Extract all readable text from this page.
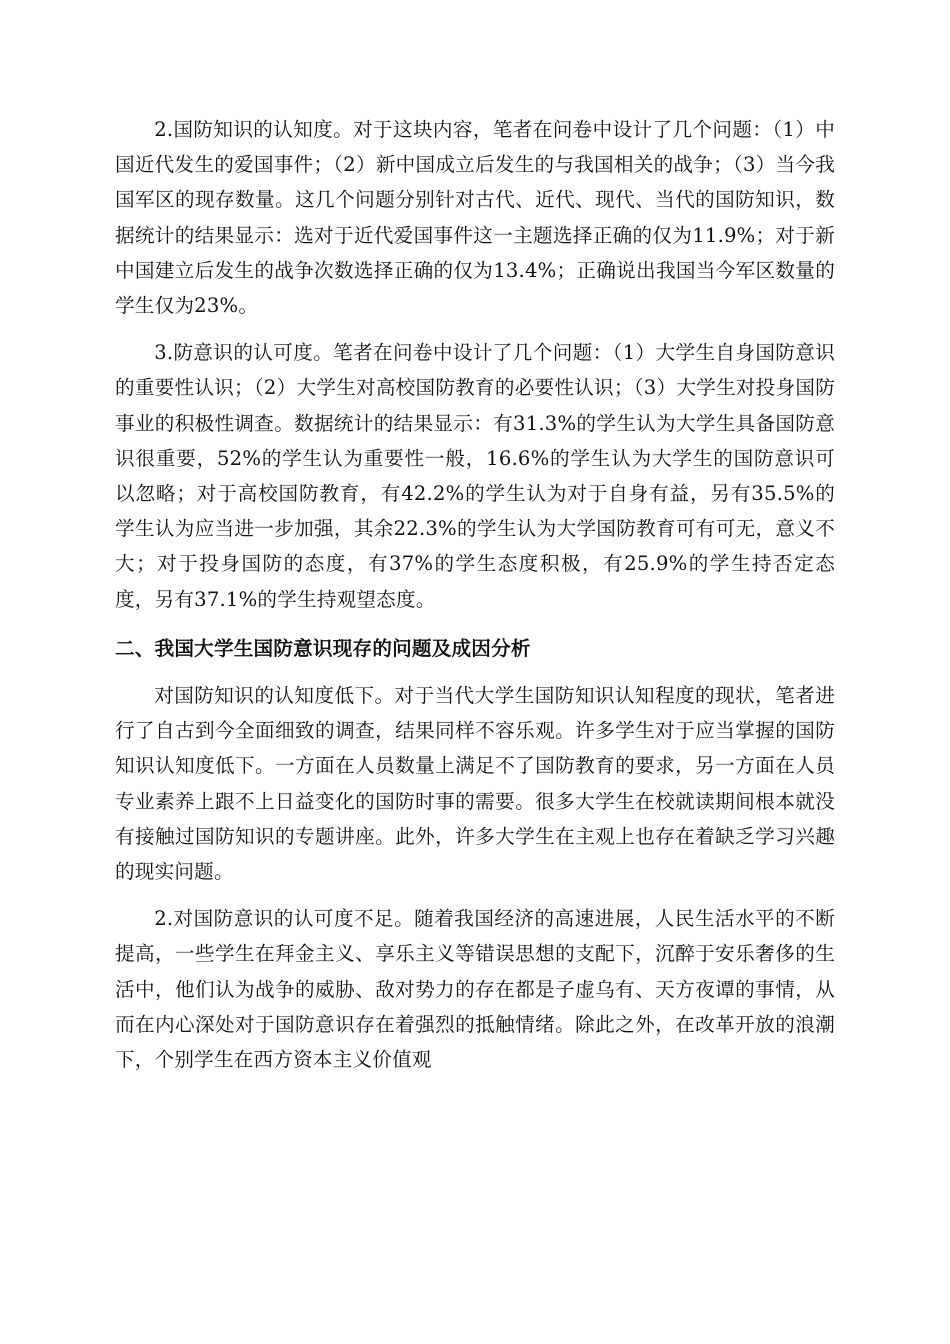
2.国防知识的认知度。对于这块内容，笔者在问卷中设计了几个问题：（1）中国近代发生的爱国事件；（2）新中国成立后发生的与我国相关的战争；（3）当今我国军区的现存数量。这几个问题分别针对古代、近代、现代、当代的国防知识，数据统计的结果显示：选对于近代爱国事件这一主题选择正确的仅为11.9%；对于新中国建立后发生的战争次数选择正确的仅为13.4%；正确说出我国当今军区数量的学生仅为23%。

3.防意识的认可度。笔者在问卷中设计了几个问题：（1）大学生自身国防意识的重要性认识；（2）大学生对高校国防教育的必要性认识；（3）大学生对投身国防事业的积极性调查。数据统计的结果显示：有31.3%的学生认为大学生具备国防意识很重要，52%的学生认为重要性一般，16.6%的学生认为大学生的国防意识可以忽略；对于高校国防教育，有42.2%的学生认为对于自身有益，另有35.5%的学生认为应当进一步加强，其余22.3%的学生认为大学国防教育可有可无，意义不大；对于投身国防的态度，有37%的学生态度积极，有25.9%的学生持否定态度，另有37.1%的学生持观望态度。

二、我国大学生国防意识现存的问题及成因分析

对国防知识的认知度低下。对于当代大学生国防知识认知程度的现状，笔者进行了自古到今全面细致的调查，结果同样不容乐观。许多学生对于应当掌握的国防知识认知度低下。一方面在人员数量上满足不了国防教育的要求，另一方面在人员专业素养上跟不上日益变化的国防时事的需要。很多大学生在校就读期间根本就没有接触过国防知识的专题讲座。此外，许多大学生在主观上也存在着缺乏学习兴趣的现实问题。

2.对国防意识的认可度不足。随着我国经济的高速进展，人民生活水平的不断提高，一些学生在拜金主义、享乐主义等错误思想的支配下，沉醉于安乐奢侈的生活中，他们认为战争的威胁、敌对势力的存在都是子虚乌有、天方夜谭的事情，从而在内心深处对于国防意识存在着强烈的抵触情绪。除此之外，在改革开放的浪潮下，个别学生在西方资本主义价值观
